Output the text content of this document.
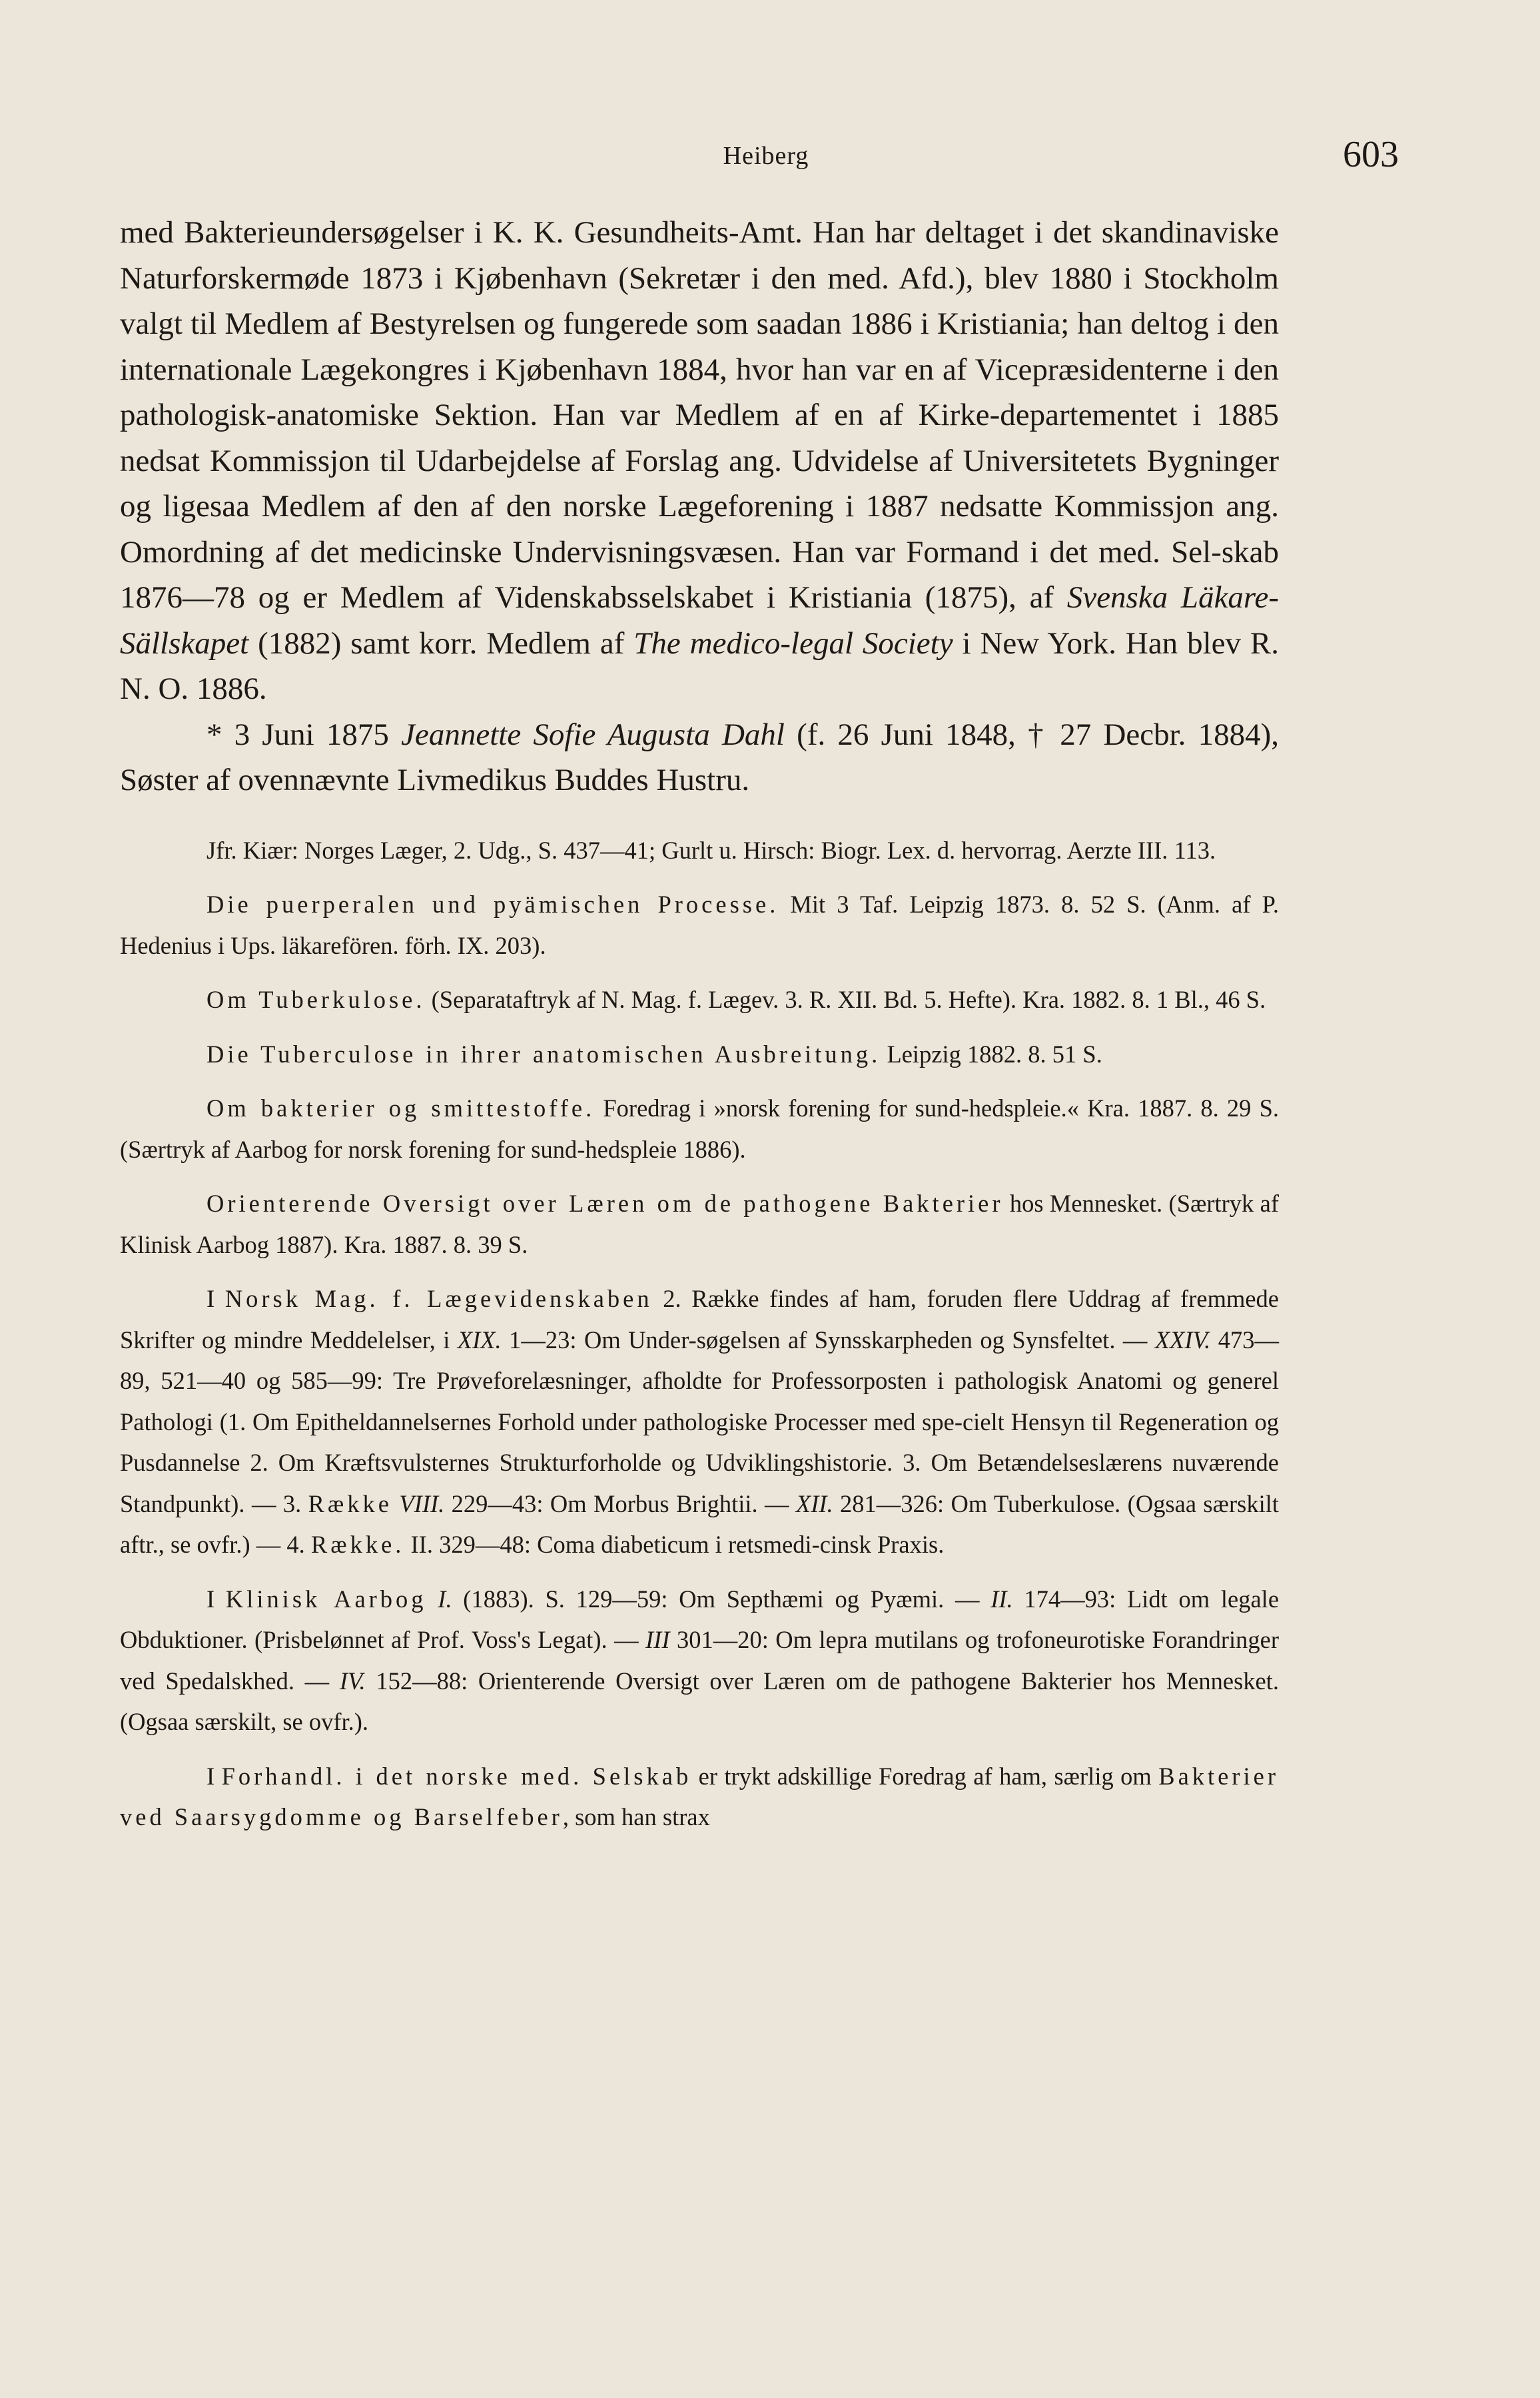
Heiberg	603

med Bakterieundersøgelser i K. K. Gesundheits-Amt. Han har deltaget i det skandinaviske Naturforskermøde 1873 i Kjøbenhavn (Sekretær i den med. Afd.), blev 1880 i Stockholm valgt til Medlem af Bestyrelsen og fungerede som saadan 1886 i Kristiania; han deltog i den internationale Lægekongres i Kjøbenhavn 1884, hvor han var en af Vicepræsidenterne i den pathologisk-anatomiske Sektion. Han var Medlem af en af Kirke-departementet i 1885 nedsat Kommissjon til Udarbejdelse af Forslag ang. Udvidelse af Universitetets Bygninger og ligesaa Medlem af den af den norske Lægeforening i 1887 nedsatte Kommissjon ang. Omordning af det medicinske Undervisningsvæsen. Han var Formand i det med. Sel-skab 1876—78 og er Medlem af Videnskabsselskabet i Kristiania (1875), af Svenska Läkare-Sällskapet (1882) samt korr. Medlem af The medico-legal Society i New York. Han blev R. N. O. 1886.

* 3 Juni 1875 Jeannette Sofie Augusta Dahl (f. 26 Juni 1848, † 27 Decbr. 1884), Søster af ovennævnte Livmedikus Buddes Hustru.

Jfr. Kiær: Norges Læger, 2. Udg., S. 437—41; Gurlt u. Hirsch: Biogr. Lex. d. hervorrag. Aerzte III. 113.

Die puerperalen und pyämischen Processe. Mit 3 Taf. Leipzig 1873. 8. 52 S. (Anm. af P. Hedenius i Ups. läkarefören. förh. IX. 203).

Om Tuberkulose. (Separataftryk af N. Mag. f. Lægev. 3. R. XII. Bd. 5. Hefte). Kra. 1882. 8. 1 Bl., 46 S.

Die Tuberculose in ihrer anatomischen Ausbreitung. Leipzig 1882. 8. 51 S.

Om bakterier og smittestoffe. Foredrag i »norsk forening for sund-hedspleie.« Kra. 1887. 8. 29 S. (Særtryk af Aarbog for norsk forening for sund-hedspleie 1886).

Orienterende Oversigt over Læren om de pathogene Bakterier hos Mennesket. (Særtryk af Klinisk Aarbog 1887). Kra. 1887. 8. 39 S.

I Norsk Mag. f. Lægevidenskaben 2. Række findes af ham, foruden flere Uddrag af fremmede Skrifter og mindre Meddelelser, i XIX. 1—23: Om Under-søgelsen af Synsskarpheden og Synsfeltet. — XXIV. 473—89, 521—40 og 585—99: Tre Prøveforelæsninger, afholdte for Professorposten i pathologisk Anatomi og generel Pathologi (1. Om Epitheldannelsernes Forhold under pathologiske Processer med spe-cielt Hensyn til Regeneration og Pusdannelse 2. Om Kræftsvulsternes Strukturforholde og Udviklingshistorie. 3. Om Betændelseslærens nuværende Standpunkt). — 3. Række VIII. 229—43: Om Morbus Brightii. — XII. 281—326: Om Tuberkulose. (Ogsaa særskilt aftr., se ovfr.) — 4. Række. II. 329—48: Coma diabeticum i retsmedi-cinsk Praxis.

I Klinisk Aarbog I. (1883). S. 129—59: Om Septhæmi og Pyæmi. — II. 174—93: Lidt om legale Obduktioner. (Prisbelønnet af Prof. Voss's Legat). — III 301—20: Om lepra mutilans og trofoneurotiske Forandringer ved Spedalskhed. — IV. 152—88: Orienterende Oversigt over Læren om de pathogene Bakterier hos Mennesket. (Ogsaa særskilt, se ovfr.).

I Forhandl. i det norske med. Selskab er trykt adskillige Foredrag af ham, særlig om Bakterier ved Saarsygdomme og Barselfeber, som han strax
